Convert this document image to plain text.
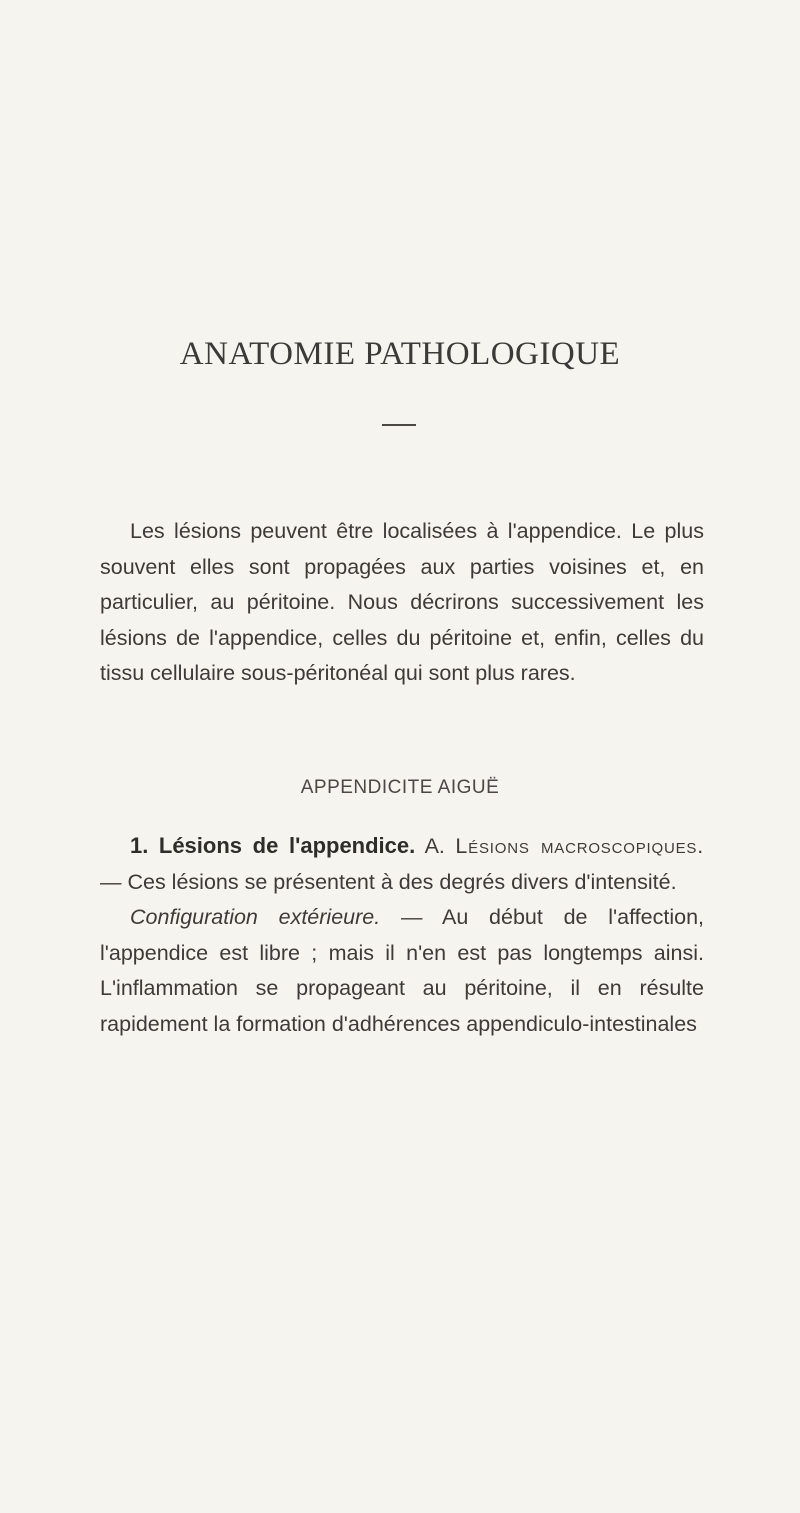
ANATOMIE PATHOLOGIQUE

Les lésions peuvent être localisées à l'appendice. Le plus souvent elles sont propagées aux parties voisines et, en particulier, au péritoine. Nous décrirons successivement les lésions de l'appendice, celles du péritoine et, enfin, celles du tissu cellulaire sous-péritonéal qui sont plus rares.

APPENDICITE AIGUË

1. Lésions de l'appendice. A. Lésions macroscopiques. — Ces lésions se présentent à des degrés divers d'intensité.

Configuration extérieure. — Au début de l'affection, l'appendice est libre ; mais il n'en est pas longtemps ainsi. L'inflammation se propageant au péritoine, il en résulte rapidement la formation d'adhérences appendiculo-intestinales
